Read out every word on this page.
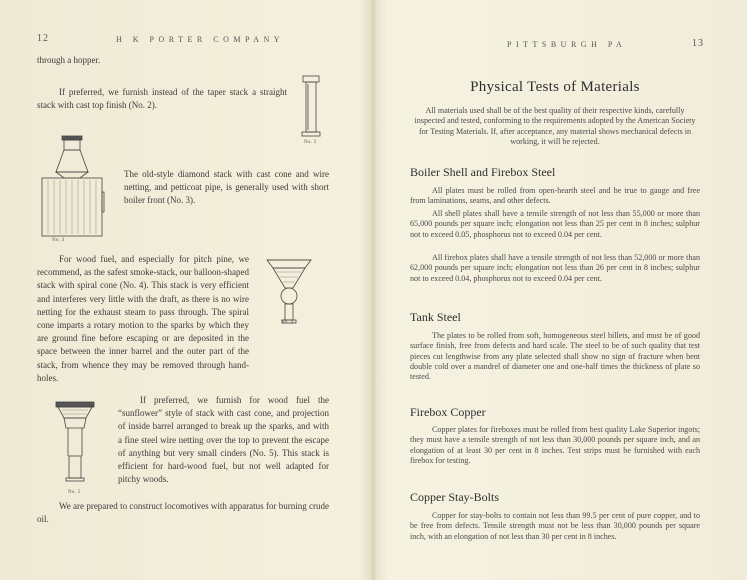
12	H K PORTER COMPANY

through a hopper.

If preferred, we furnish instead of the taper stack a straight stack with cast top finish (No. 2).

No. 2
No. 3

The old-style diamond stack with cast cone and wire netting, and petticoat pipe, is generally used with short boiler front (No. 3).

For wood fuel, and especially for pitch pine, we recommend, as the safest smoke-stack, our balloon-shaped stack with spiral cone (No. 4). This stack is very efficient and interferes very little with the draft, as there is no wire netting for the exhaust steam to pass through. The spiral cone imparts a rotary motion to the sparks by which they are ground fine before escaping or are deposited in the space between the inner barrel and the outer part of the stack, from whence they may be removed through hand-holes.

No. 4
No. 5

If preferred, we furnish for wood fuel the “sunflower” style of stack with cast cone, and projection of inside barrel arranged to break up the sparks, and with a fine steel wire netting over the top to prevent the escape of anything but very small cinders (No. 5). This stack is efficient for hard-wood fuel, but not well adapted for pitchy woods.

We are prepared to construct locomotives with apparatus for burning crude oil.

PITTSBURGH PA	13
Physical Tests of Materials

All materials used shall be of the best quality of their respective kinds, carefully inspected and tested, conforming to the requirements adopted by the American Society for Testing Materials. If, after acceptance, any material shows mechanical defects in working, it will be rejected.

Boiler Shell and Firebox Steel

All plates must be rolled from open-hearth steel and be true to gauge and free from laminations, seams, and other defects.

All shell plates shall have a tensile strength of not less than 55,000 or more than 65,000 pounds per square inch; elongation not less than 25 per cent in 8 inches; sulphur not to exceed 0.05, phosphorus not to exceed 0.04 per cent.

All firebox plates shall have a tensile strength of not less than 52,000 or more than 62,000 pounds per square inch; elongation not less than 26 per cent in 8 inches; sulphur not to exceed 0.04, phosphorus not to exceed 0.04 per cent.

Tank Steel

The plates to be rolled from soft, homogeneous steel billets, and must be of good surface finish, free from defects and hard scale. The steel to be of such quality that test pieces cut lengthwise from any plate selected shall show no sign of fracture when bent double cold over a mandrel of diameter one and one-half times the thickness of plate so tested.

Firebox Copper

Copper plates for fireboxes must be rolled from best quality Lake Superior ingots; they must have a tensile strength of not less than 30,000 pounds per square inch, and an elongation of at least 30 per cent in 8 inches. Test strips must be furnished with each firebox for testing.

Copper Stay-Bolts

Copper for stay-bolts to contain not less than 99.5 per cent of pure copper, and to be free from defects. Tensile strength must not be less than 30,000 pounds per square inch, with an elongation of not less than 30 per cent in 8 inches.
